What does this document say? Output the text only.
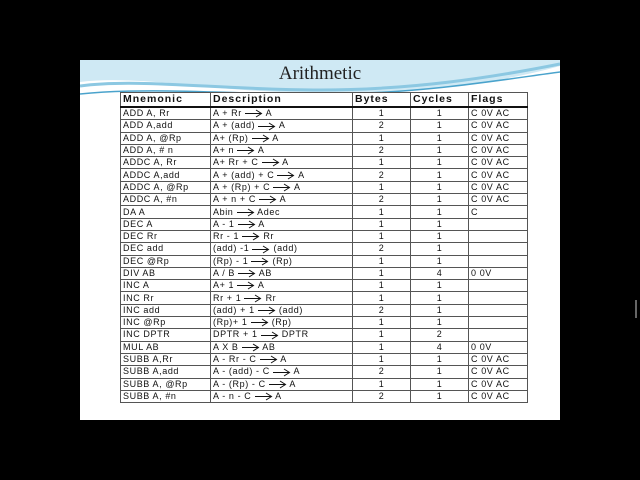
Arithmetic
Mnemonic	Description	Bytes	Cycles	Flags
ADD A, Rr	A + Rr A	1	1	C 0V AC
ADD A,add	A + (add) A	2	1	C 0V AC
ADD A, @Rp	A+ (Rp) A	1	1	C 0V AC
ADD A, # n	A+ n A	2	1	C 0V AC
ADDC A, Rr	A+ Rr + C A	1	1	C 0V AC
ADDC A,add	A + (add) + C A	2	1	C 0V AC
ADDC A, @Rp	A + (Rp) + C A	1	1	C 0V AC
ADDC A, #n	A + n + C A	2	1	C 0V AC
DA A	Abin Adec	1	1	C
DEC A	A - 1 A	1	1	
DEC Rr	Rr - 1 Rr	1	1	
DEC add	(add) -1 (add)	2	1	
DEC @Rp	(Rp) - 1 (Rp)	1	1	
DIV AB	A / B AB	1	4	0 0V
INC A	A+ 1 A	1	1	
INC Rr	Rr + 1 Rr	1	1	
INC add	(add) + 1 (add)	2	1	
INC @Rp	(Rp)+ 1 (Rp)	1	1	
INC DPTR	DPTR + 1 DPTR	1	2	
MUL AB	A X B AB	1	4	0 0V
SUBB A,Rr	A - Rr - C A	1	1	C 0V AC
SUBB A,add	A - (add) - C A	2	1	C 0V AC
SUBB A, @Rp	A - (Rp) - C A	1	1	C 0V AC
SUBB A, #n	A - n - C A	2	1	C 0V AC
